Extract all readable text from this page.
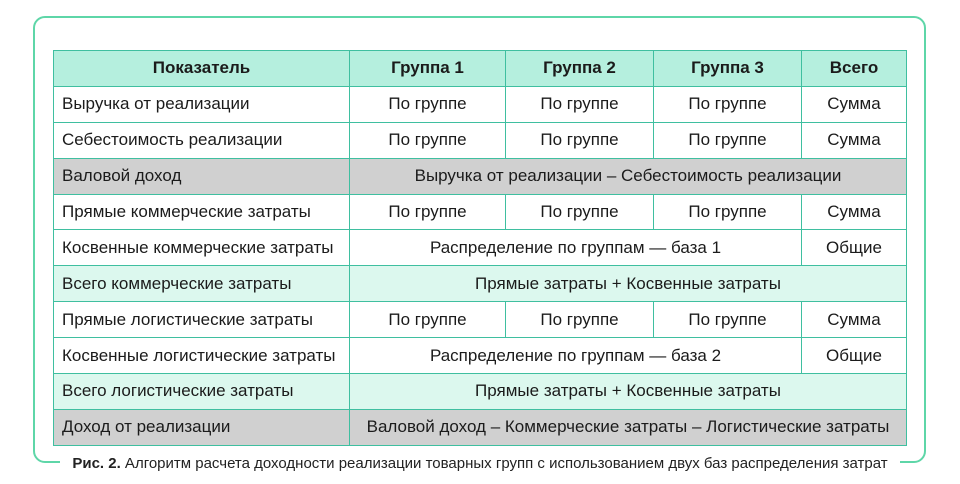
Показатель	Группа 1	Группа 2	Группа 3	Всего
Выручка от реализации	По группе	По группе	По группе	Сумма
Себестоимость реализации	По группе	По группе	По группе	Сумма
Валовой доход	Выручка от реализации – Себестоимость реализации			
Прямые коммерческие затраты	По группе	По группе	По группе	Сумма
Косвенные коммерческие затраты	Распределение по группам — база 1			Общие
Всего коммерческие затраты	Прямые затраты + Косвенные затраты			
Прямые логистические затраты	По группе	По группе	По группе	Сумма
Косвенные логистические затраты	Распределение по группам — база 2			Общие
Всего логистические затраты	Прямые затраты + Косвенные затраты			
Доход от реализации	Валовой доход – Коммерческие затраты – Логистические затраты			
Рис. 2. Алгоритм расчета доходности реализации товарных групп с использованием двух баз распределения затрат
